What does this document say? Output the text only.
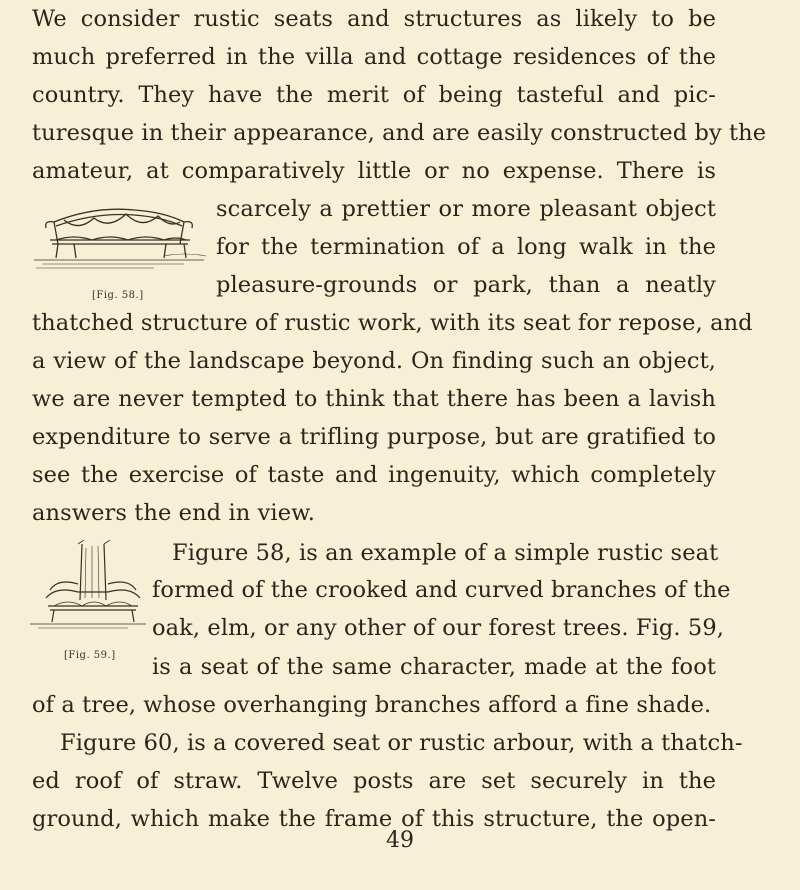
We consider rustic seats and structures as likely to be
much preferred in the villa and cottage residences of the
country. They have the merit of being tasteful and pic-
turesque in their appearance, and are easily constructed by the
amateur, at comparatively little or no expense. There is
scarcely a prettier or more pleasant object
for the termination of a long walk in the
pleasure-grounds or park, than a neatly
thatched structure of rustic work, with its seat for repose, and
a view of the landscape beyond. On finding such an object,
we are never tempted to think that there has been a lavish
expenditure to serve a trifling purpose, but are gratified to
see the exercise of taste and ingenuity, which completely
answers the end in view.
Figure 58, is an example of a simple rustic seat
formed of the crooked and curved branches of the
oak, elm, or any other of our forest trees. Fig. 59,
is a seat of the same character, made at the foot
of a tree, whose overhanging branches afford a fine shade.
Figure 60, is a covered seat or rustic arbour, with a thatch-
ed roof of straw. Twelve posts are set securely in the
ground, which make the frame of this structure, the open-
[Fig. 58.]
[Fig. 59.]
49
